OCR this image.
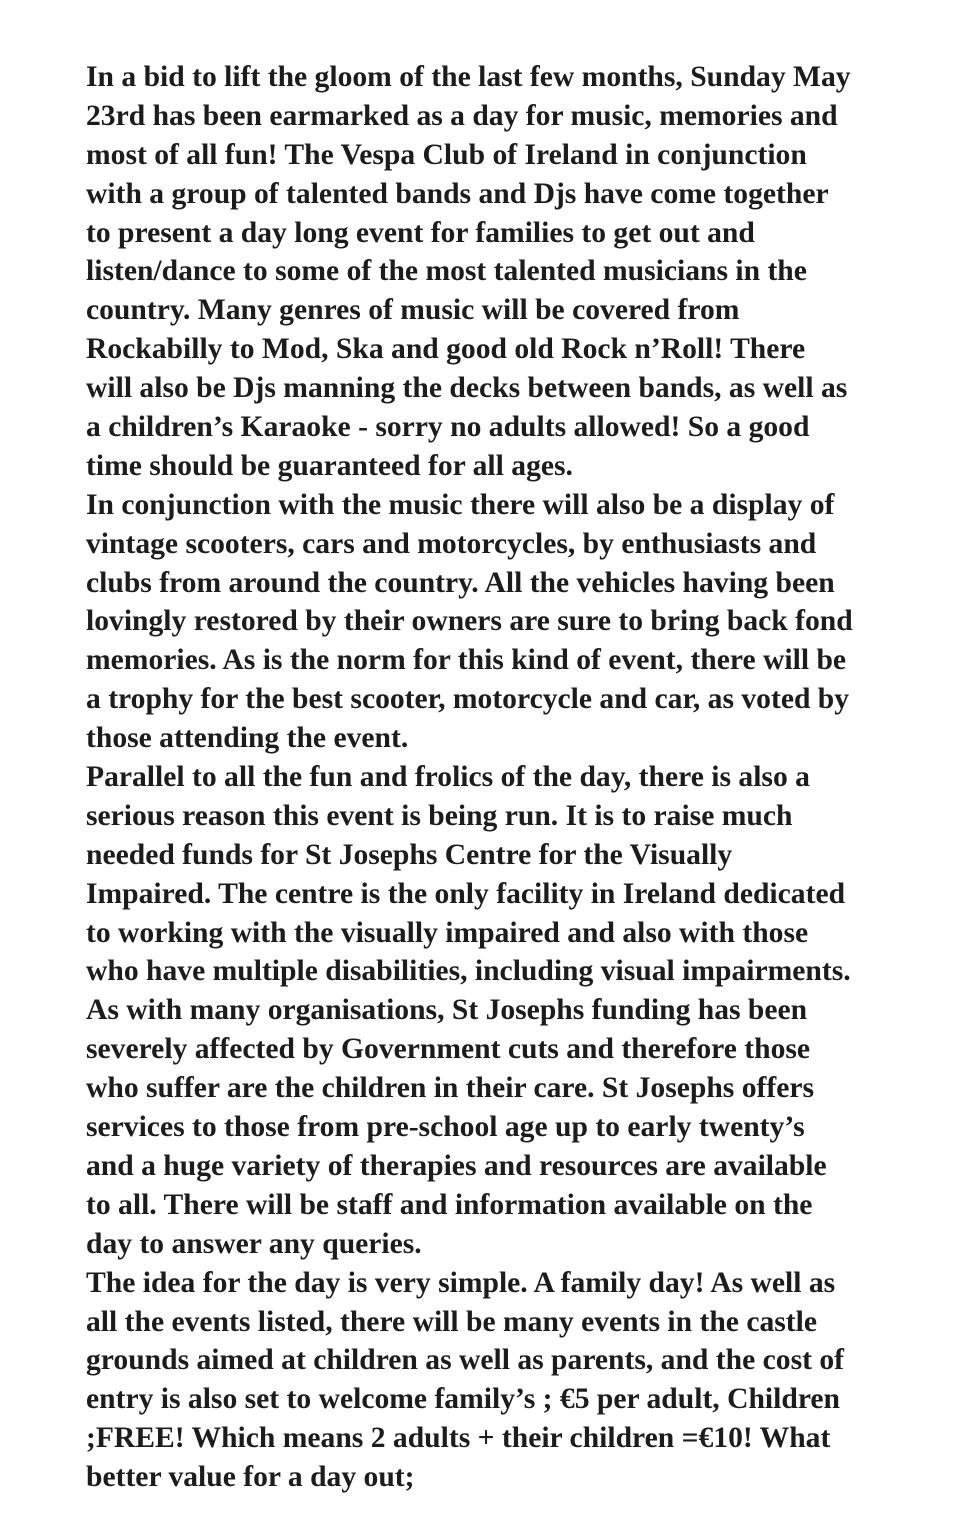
In a bid to lift the gloom of the last few months, Sunday May
23rd has been earmarked as a day for music, memories and
most of all fun! The Vespa Club of Ireland in conjunction
with a group of talented bands and Djs have come together
to present a day long event for families to get out and
listen/dance to some of the most talented musicians in the
country. Many genres of music will be covered from
Rockabilly to Mod, Ska and good old Rock n’Roll! There
will also be Djs manning the decks between bands, as well as
a children’s Karaoke - sorry no adults allowed! So a good
time should be guaranteed for all ages.
In conjunction with the music there will also be a display of
vintage scooters, cars and motorcycles, by enthusiasts and
clubs from around the country. All the vehicles having been
lovingly restored by their owners are sure to bring back fond
memories. As is the norm for this kind of event, there will be
a trophy for the best scooter, motorcycle and car, as voted by
those attending the event.
Parallel to all the fun and frolics of the day, there is also a
serious reason this event is being run. It is to raise much
needed funds for St Josephs Centre for the Visually
Impaired. The centre is the only facility in Ireland dedicated
to working with the visually impaired and also with those
who have multiple disabilities, including visual impairments.
As with many organisations, St Josephs funding has been
severely affected by Government cuts and therefore those
who suffer are the children in their care. St Josephs offers
services to those from pre-school age up to early twenty’s
and a huge variety of therapies and resources are available
to all. There will be staff and information available on the
day to answer any queries.
The idea for the day is very simple. A family day! As well as
all the events listed, there will be many events in the castle
grounds aimed at children as well as parents, and the cost of
entry is also set to welcome family’s ; €5 per adult, Children
;FREE! Which means 2 adults + their children =€10! What
better value for a day out;
